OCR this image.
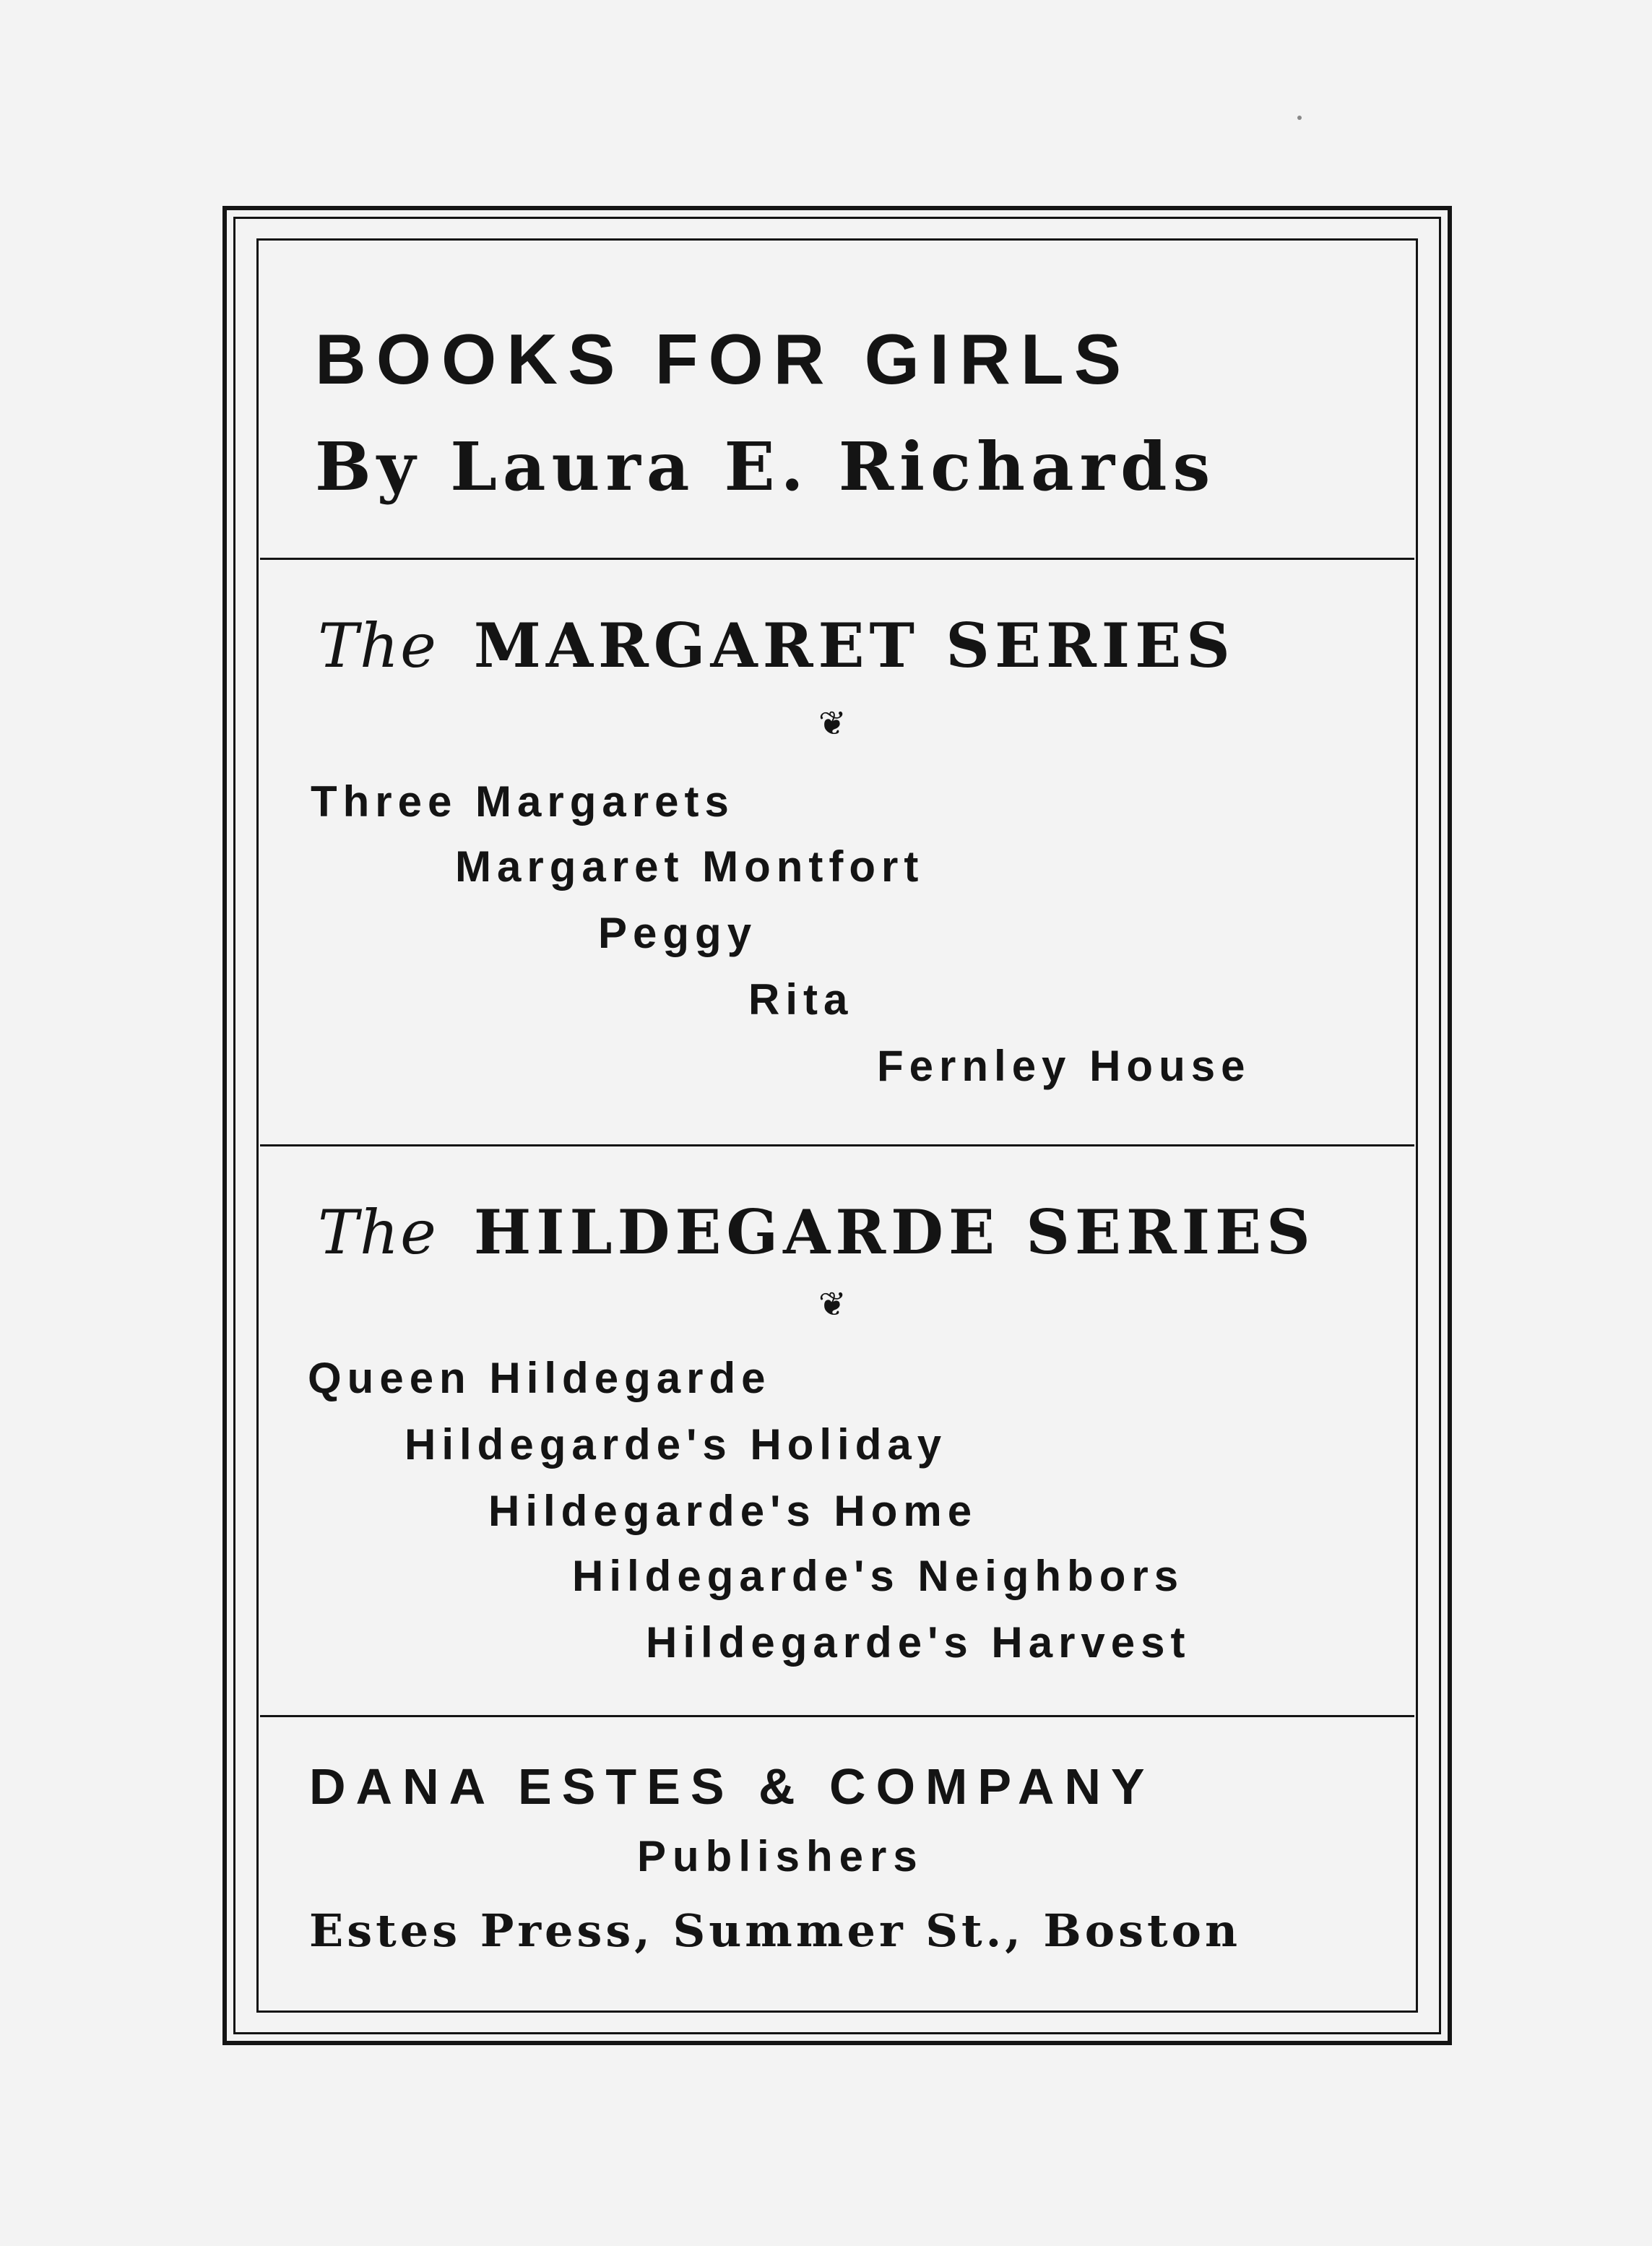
BOOKS FOR GIRLS
By Laura E. Richards
The MARGARET SERIES
❦
Three Margarets
Margaret Montfort
Peggy
Rita
Fernley House
The HILDEGARDE SERIES
❦
Queen Hildegarde
Hildegarde's Holiday
Hildegarde's Home
Hildegarde's Neighbors
Hildegarde's Harvest
DANA ESTES & COMPANY
Publishers
Estes Press, Summer St., Boston
